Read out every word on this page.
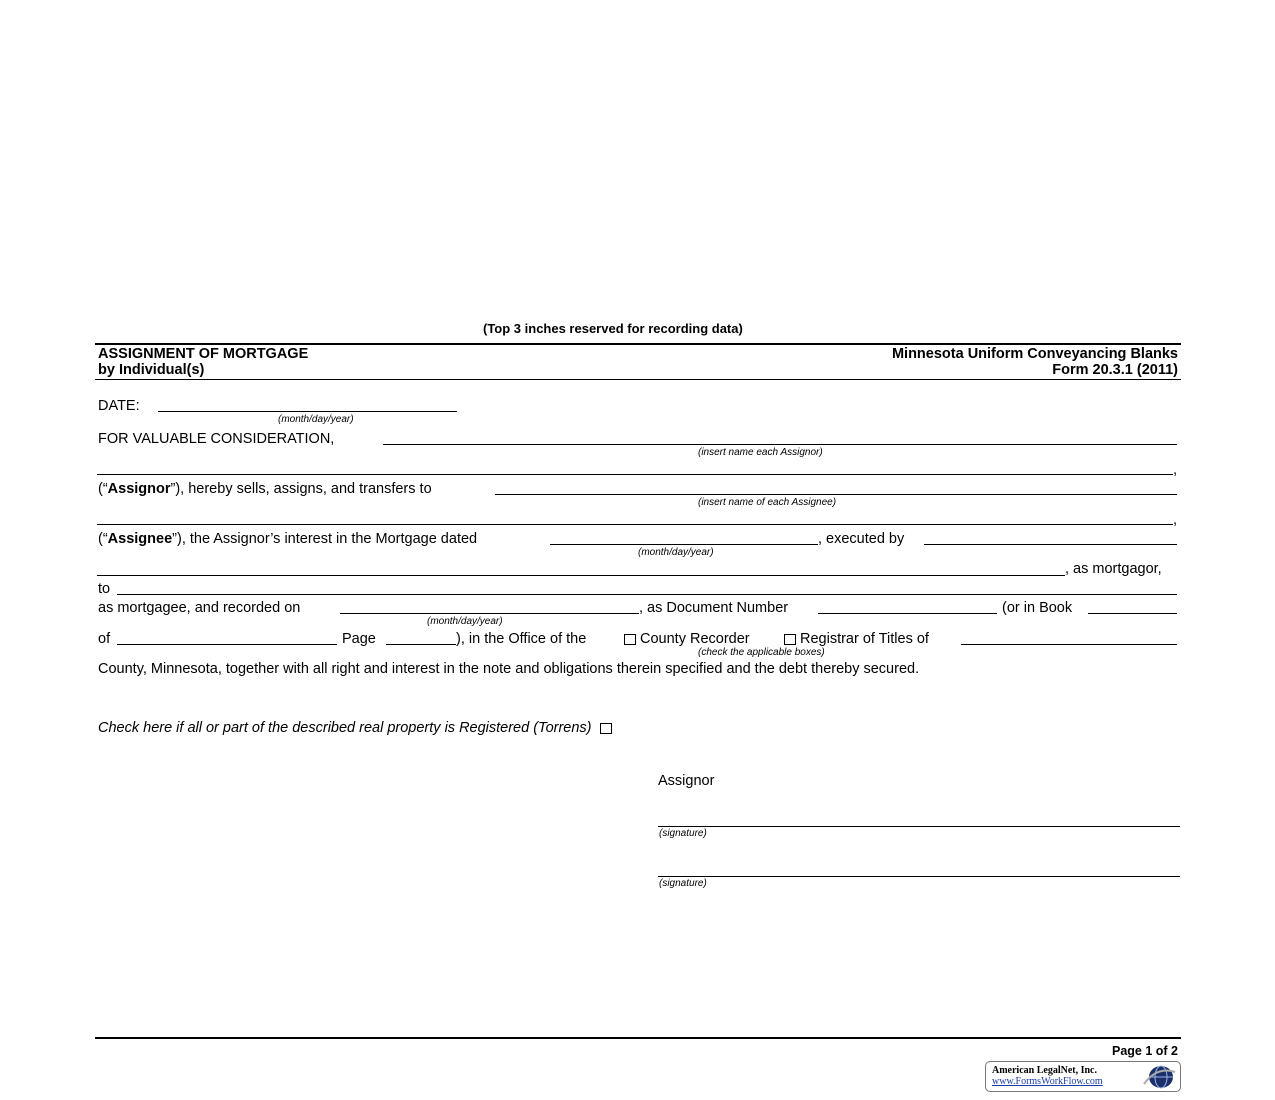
(Top 3 inches reserved for recording data)
ASSIGNMENT OF MORTGAGE
by Individual(s)
Minnesota Uniform Conveyancing Blanks
Form 20.3.1 (2011)
DATE:
(month/day/year)
FOR VALUABLE CONSIDERATION,
(insert name each Assignor)
,
(“Assignor”), hereby sells, assigns, and transfers to
(insert name of each Assignee)
,
(“Assignee”), the Assignor’s interest in the Mortgage dated
(month/day/year)
, executed by
, as mortgagor,
to
as mortgagee, and recorded on
(month/day/year)
, as Document Number	(or in Book
of	Page	), in the Office of the	County Recorder	Registrar of Titles of
(check the applicable boxes)
County, Minnesota, together with all right and interest in the note and obligations therein specified and the debt thereby secured.
Check here if all or part of the described real property is Registered (Torrens)
Assignor
(signature)
(signature)
Page 1 of 2
American LegalNet, Inc.
www.FormsWorkFlow.com
